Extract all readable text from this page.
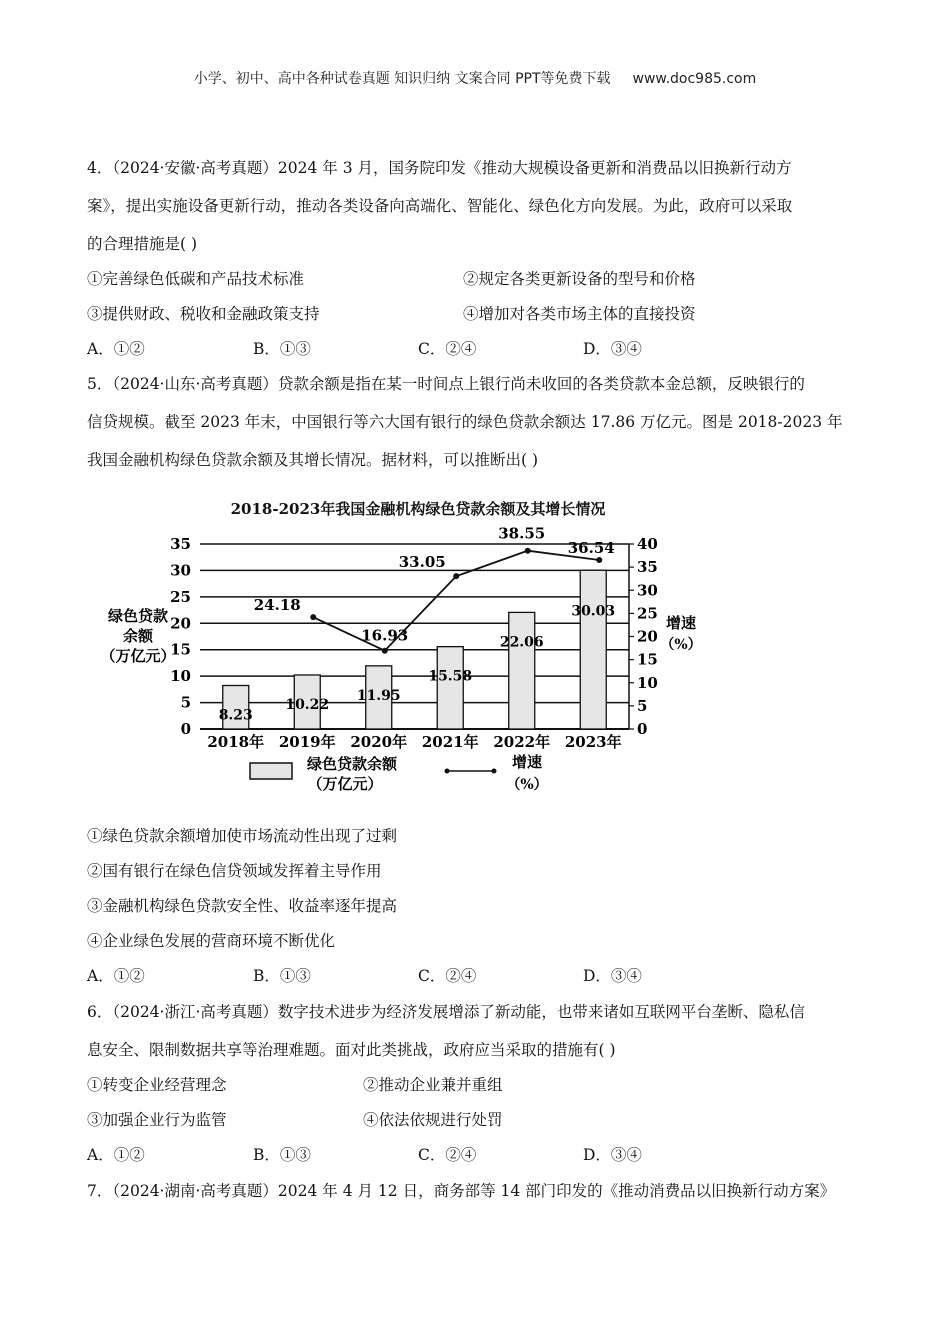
小学、初中、高中各种试卷真题 知识归纳 文案合同 PPT等免费下载 www.doc985.com
4．（2024·安徽·高考真题）2024 年 3 月，国务院印发《推动大规模设备更新和消费品以旧换新行动方
案》，提出实施设备更新行动，推动各类设备向高端化、智能化、绿色化方向发展。为此，政府可以采取
的合理措施是( )
①完善绿色低碳和产品技术标准	②规定各类更新设备的型号和价格
③提供财政、税收和金融政策支持	④增加对各类市场主体的直接投资
A．①②	B．①③	C．②④	D．③④
5．（2024·山东·高考真题）贷款余额是指在某一时间点上银行尚未收回的各类贷款本金总额，反映银行的
信贷规模。截至 2023 年末，中国银行等六大国有银行的绿色贷款余额达 17.86 万亿元。图是 2018-2023 年
我国金融机构绿色贷款余额及其增长情况。据材料，可以推断出( )
2018-2023年我国金融机构绿色贷款余额及其增长情况
绿色贷款
余额
（万亿元）
增速
（%）
0
5
10
15
20
25
30
35
0
5
10
15
20
25
30
35
40
8.23
10.22
11.95
15.58
22.06
30.03
24.18
16.93
33.05
38.55
36.54
2018年 2019年 2020年 2021年 2022年 2023年
绿色贷款余额
（万亿元）
增速
（%）
①绿色贷款余额增加使市场流动性出现了过剩
②国有银行在绿色信贷领域发挥着主导作用
③金融机构绿色贷款安全性、收益率逐年提高
④企业绿色发展的营商环境不断优化
A．①②	B．①③	C．②④	D．③④
6．（2024·浙江·高考真题）数字技术进步为经济发展增添了新动能，也带来诸如互联网平台垄断、隐私信
息安全、限制数据共享等治理难题。面对此类挑战，政府应当采取的措施有( )
①转变企业经营理念	②推动企业兼并重组
③加强企业行为监管	④依法依规进行处罚
A．①②	B．①③	C．②④	D．③④
7．（2024·湖南·高考真题）2024 年 4 月 12 日，商务部等 14 部门印发的《推动消费品以旧换新行动方案》
